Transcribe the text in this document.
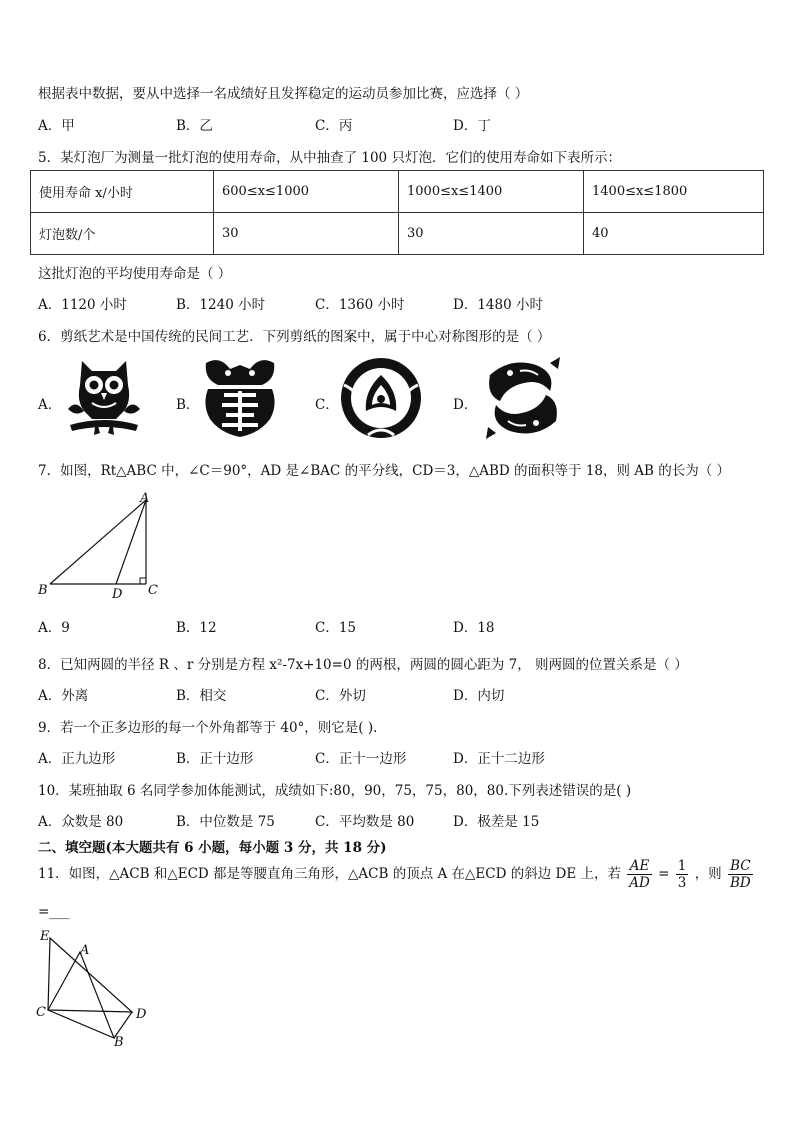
根据表中数据，要从中选择一名成绩好且发挥稳定的运动员参加比赛，应选择（ ）
A．甲	B．乙	C．丙	D．丁
5．某灯泡厂为测量一批灯泡的使用寿命，从中抽查了 100 只灯泡．它们的使用寿命如下表所示：
使用寿命 x/小时	600≤x≤1000	1000≤x≤1400	1400≤x≤1800
灯泡数/个	30	30	40
这批灯泡的平均使用寿命是（ ）
A．1120 小时	B．1240 小时	C．1360 小时	D．1480 小时
6．剪纸艺术是中国传统的民间工艺．下列剪纸的图案中，属于中心对称图形的是（ ）
A．	B．	C．	D．
7．如图，Rt△ABC 中，∠C＝90°，AD 是∠BAC 的平分线，CD＝3，△ABD 的面积等于 18，则 AB 的长为（ ）
A
B	D C
A．9	B．12	C．15	D．18
8．已知两圆的半径 R 、r 分别是方程 x²-7x+10=0 的两根，两圆的圆心距为 7， 则两圆的位置关系是（ ）
A．外离	B．相交	C．外切	D．内切
9．若一个正多边形的每一个外角都等于 40°，则它是( ).
A．正九边形	B．正十边形	C．正十一边形	D．正十二边形
10．某班抽取 6 名同学参加体能测试，成绩如下:80，90，75，75，80，80.下列表述错误的是( )
A．众数是 80	B．中位数是 75	C．平均数是 80	D．极差是 15
二、填空题(本大题共有 6 小题，每小题 3 分，共 18 分)
11．如图，△ACB 和△ECD 都是等腰直角三角形，△ACB 的顶点 A 在△ECD 的斜边 DE 上，若 $\frac{AE}{AD} = \frac{1}{3}$ ，则 $\frac{BC}{BD}$
=___
E
A
C	D
B
